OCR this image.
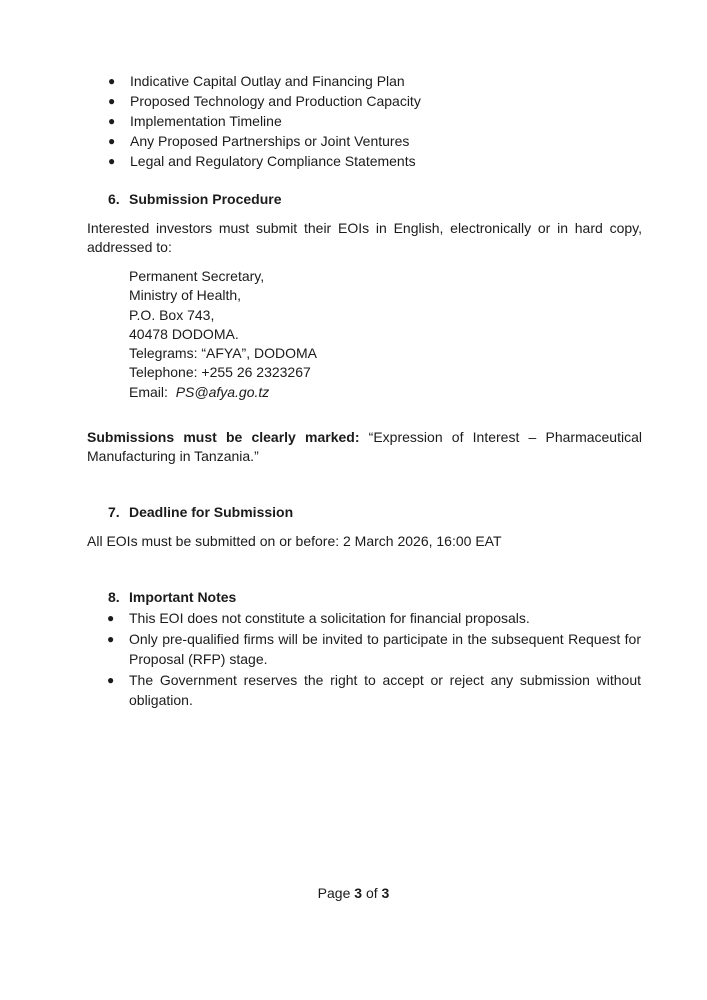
● Indicative Capital Outlay and Financing Plan
● Proposed Technology and Production Capacity
● Implementation Timeline
● Any Proposed Partnerships or Joint Ventures
● Legal and Regulatory Compliance Statements
6. Submission Procedure
Interested investors must submit their EOIs in English, electronically or in hard copy, addressed to:
Permanent Secretary,
Ministry of Health,
P.O. Box 743,
40478 DODOMA.
Telegrams: “AFYA”, DODOMA
Telephone: +255 26 2323267
Email:  PS@afya.go.tz
Submissions must be clearly marked: “Expression of Interest – Pharmaceutical Manufacturing in Tanzania.”
7. Deadline for Submission
All EOIs must be submitted on or before: 2 March 2026, 16:00 EAT
8. Important Notes
● This EOI does not constitute a solicitation for financial proposals.
● Only pre-qualified firms will be invited to participate in the subsequent Request for Proposal (RFP) stage.
● The Government reserves the right to accept or reject any submission without obligation.
Page 3 of 3
